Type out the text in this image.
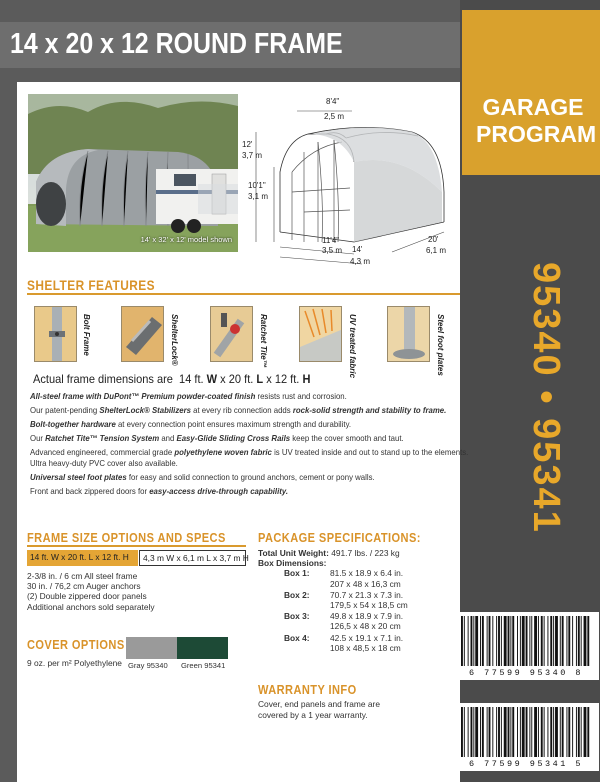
GARAGE
PROGRAM
95340 • 95341
14 x 20 x 12 ROUND FRAME
14' x 32' x 12' model shown
8'4"
2,5 m
12'
3,7 m
10'1"
3,1 m
11'4"
3,5 m 14'
4,3 m
20'
6,1 m
SHELTER FEATURES
Bolt Frame	ShelterLock®	Ratchet Tite™	UV treated fabric	Steel foot plates
Actual frame dimensions are 14 ft. W x 20 ft. L x 12 ft. H

All-steel frame with DuPont™ Premium powder-coated finish resists rust and corrosion.

Our patent-pending ShelterLock® Stabilizers at every rib connection adds rock-solid strength and stability to frame.

Bolt-together hardware at every connection point ensures maximum strength and durability.

Our Ratchet Tite™ Tension System and Easy-Glide Sliding Cross Rails keep the cover smooth and taut.

Advanced engineered, commercial grade polyethylene woven fabric is UV treated inside and out to stand up to the elements.

Ultra heavy-duty PVC cover also available.

Universal steel foot plates for easy and solid connection to ground anchors, cement or pony walls.

Front and back zippered doors for easy-access drive-through capability.

FRAME SIZE OPTIONS AND SPECS
14 ft. W x 20 ft. L x 12 ft. H	4,3 m W x 6,1 m L x 3,7 m H
2-3/8 in. / 6 cm All steel frame
30 in. / 76,2 cm Auger anchors
(2) Double zippered door panels
Additional anchors sold separately
COVER OPTIONS
9 oz. per m² Polyethylene Gray 95340 Green 95341
PACKAGE SPECIFICATIONS:
Total Unit Weight: 491.7 lbs. / 223 kg
Box Dimensions:
Box 1: 81.5 x 18.9 x 6.4 in.
207 x 48 x 16,3 cm
Box 2: 70.7 x 21.3 x 7.3 in.
179,5 x 54 x 18,5 cm
Box 3: 49.8 x 18.9 x 7.9 in.
126,5 x 48 x 20 cm
Box 4: 42.5 x 19.1 x 7.1 in.
108 x 48,5 x 18 cm
WARRANTY INFO
Cover, end panels and frame are
covered by a 1 year warranty.
6 77599 95340 8
6 77599 95341 5
